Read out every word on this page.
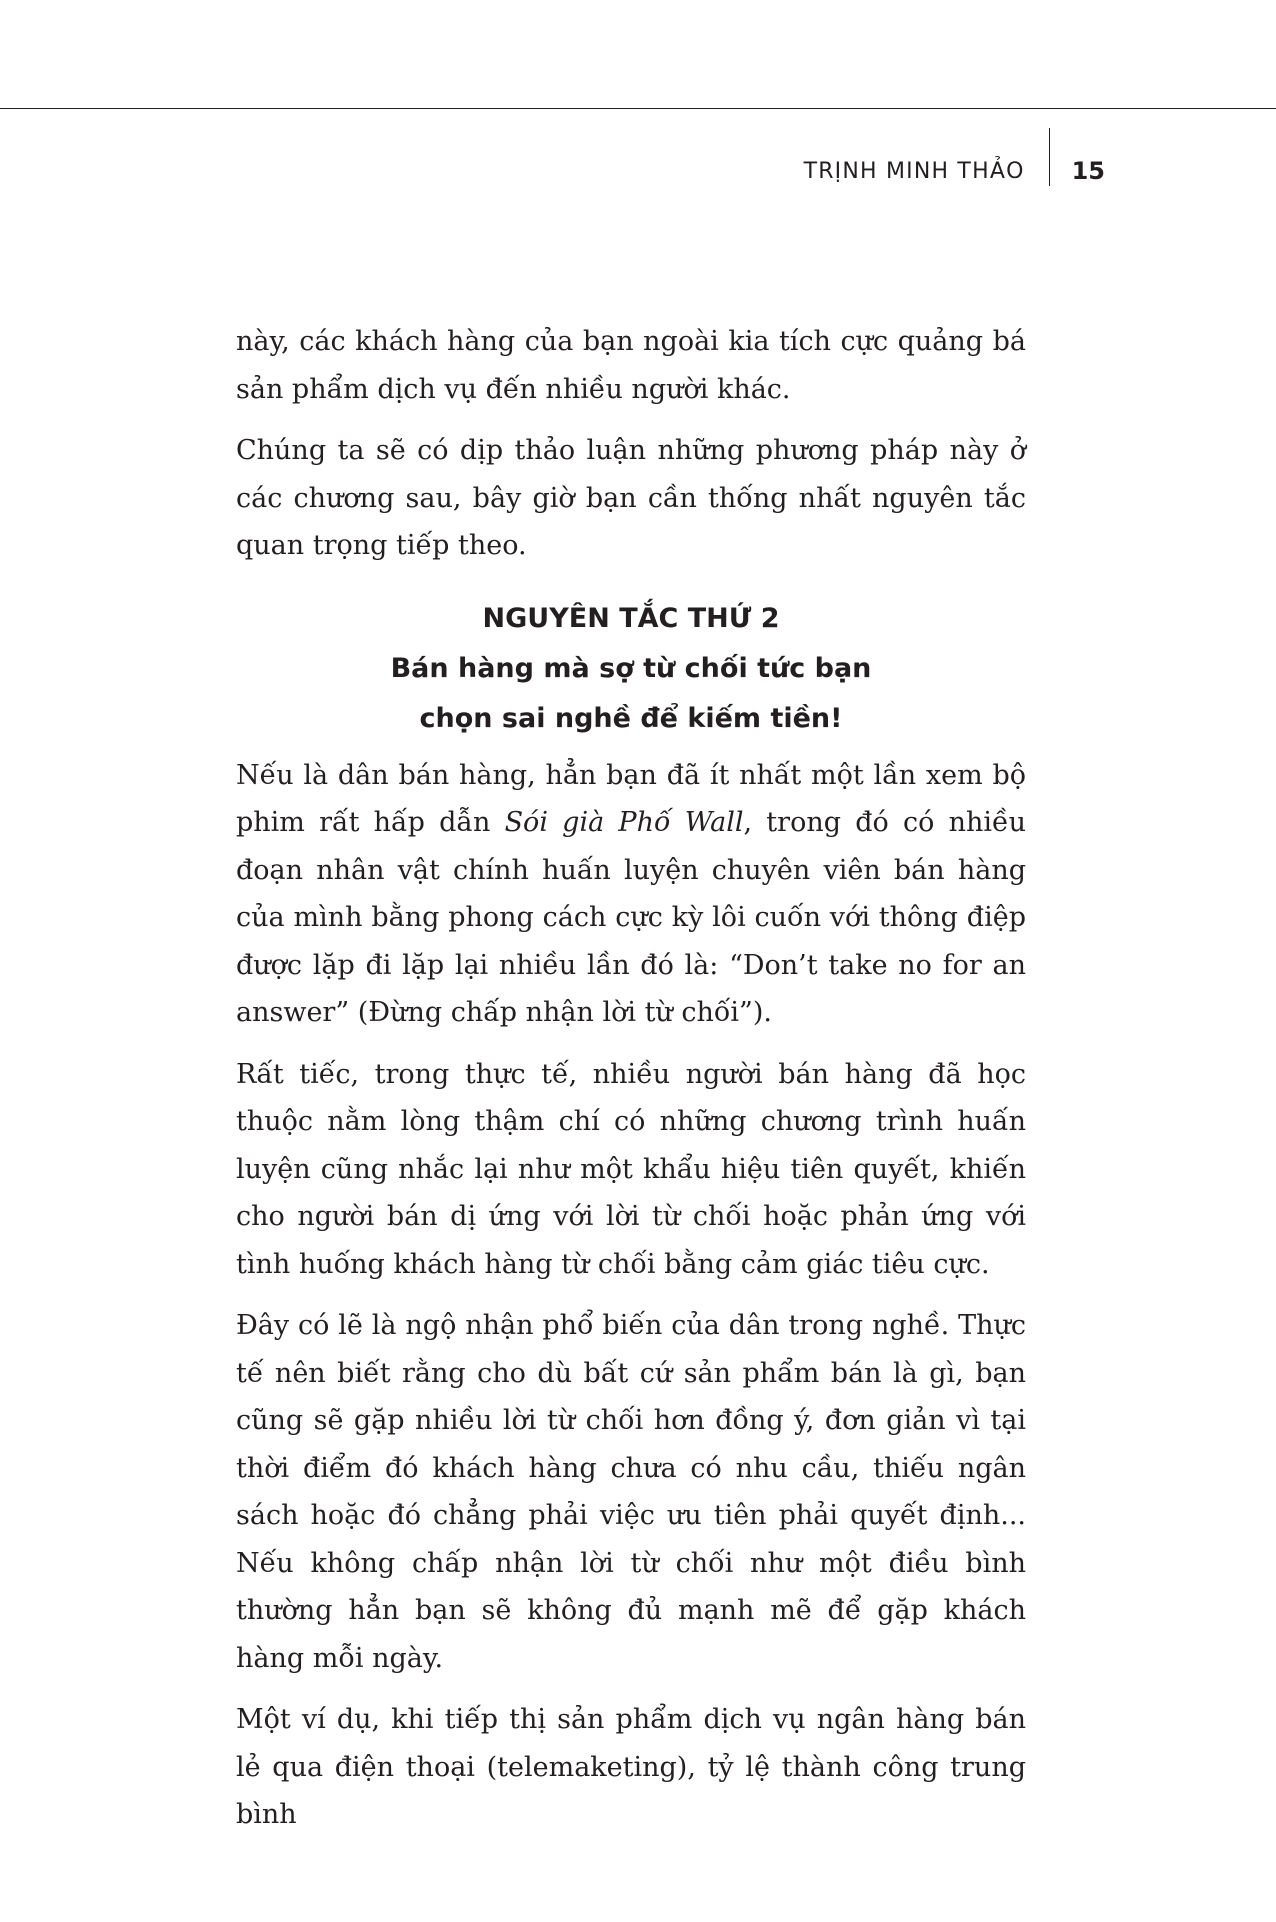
TRỊNH MINH THẢO 15

này, các khách hàng của bạn ngoài kia tích cực quảng bá sản phẩm dịch vụ đến nhiều người khác.

Chúng ta sẽ có dịp thảo luận những phương pháp này ở các chương sau, bây giờ bạn cần thống nhất nguyên tắc quan trọng tiếp theo.

NGUYÊN TẮC THỨ 2
Bán hàng mà sợ từ chối tức bạn
chọn sai nghề để kiếm tiền!

Nếu là dân bán hàng, hẳn bạn đã ít nhất một lần xem bộ phim rất hấp dẫn Sói già Phố Wall, trong đó có nhiều đoạn nhân vật chính huấn luyện chuyên viên bán hàng của mình bằng phong cách cực kỳ lôi cuốn với thông điệp được lặp đi lặp lại nhiều lần đó là: “Don’t take no for an answer” (Đừng chấp nhận lời từ chối”).

Rất tiếc, trong thực tế, nhiều người bán hàng đã học thuộc nằm lòng thậm chí có những chương trình huấn luyện cũng nhắc lại như một khẩu hiệu tiên quyết, khiến cho người bán dị ứng với lời từ chối hoặc phản ứng với tình huống khách hàng từ chối bằng cảm giác tiêu cực.

Đây có lẽ là ngộ nhận phổ biến của dân trong nghề. Thực tế nên biết rằng cho dù bất cứ sản phẩm bán là gì, bạn cũng sẽ gặp nhiều lời từ chối hơn đồng ý, đơn giản vì tại thời điểm đó khách hàng chưa có nhu cầu, thiếu ngân sách hoặc đó chẳng phải việc ưu tiên phải quyết định... Nếu không chấp nhận lời từ chối như một điều bình thường hẳn bạn sẽ không đủ mạnh mẽ để gặp khách hàng mỗi ngày.

Một ví dụ, khi tiếp thị sản phẩm dịch vụ ngân hàng bán lẻ qua điện thoại (telemaketing), tỷ lệ thành công trung bình
